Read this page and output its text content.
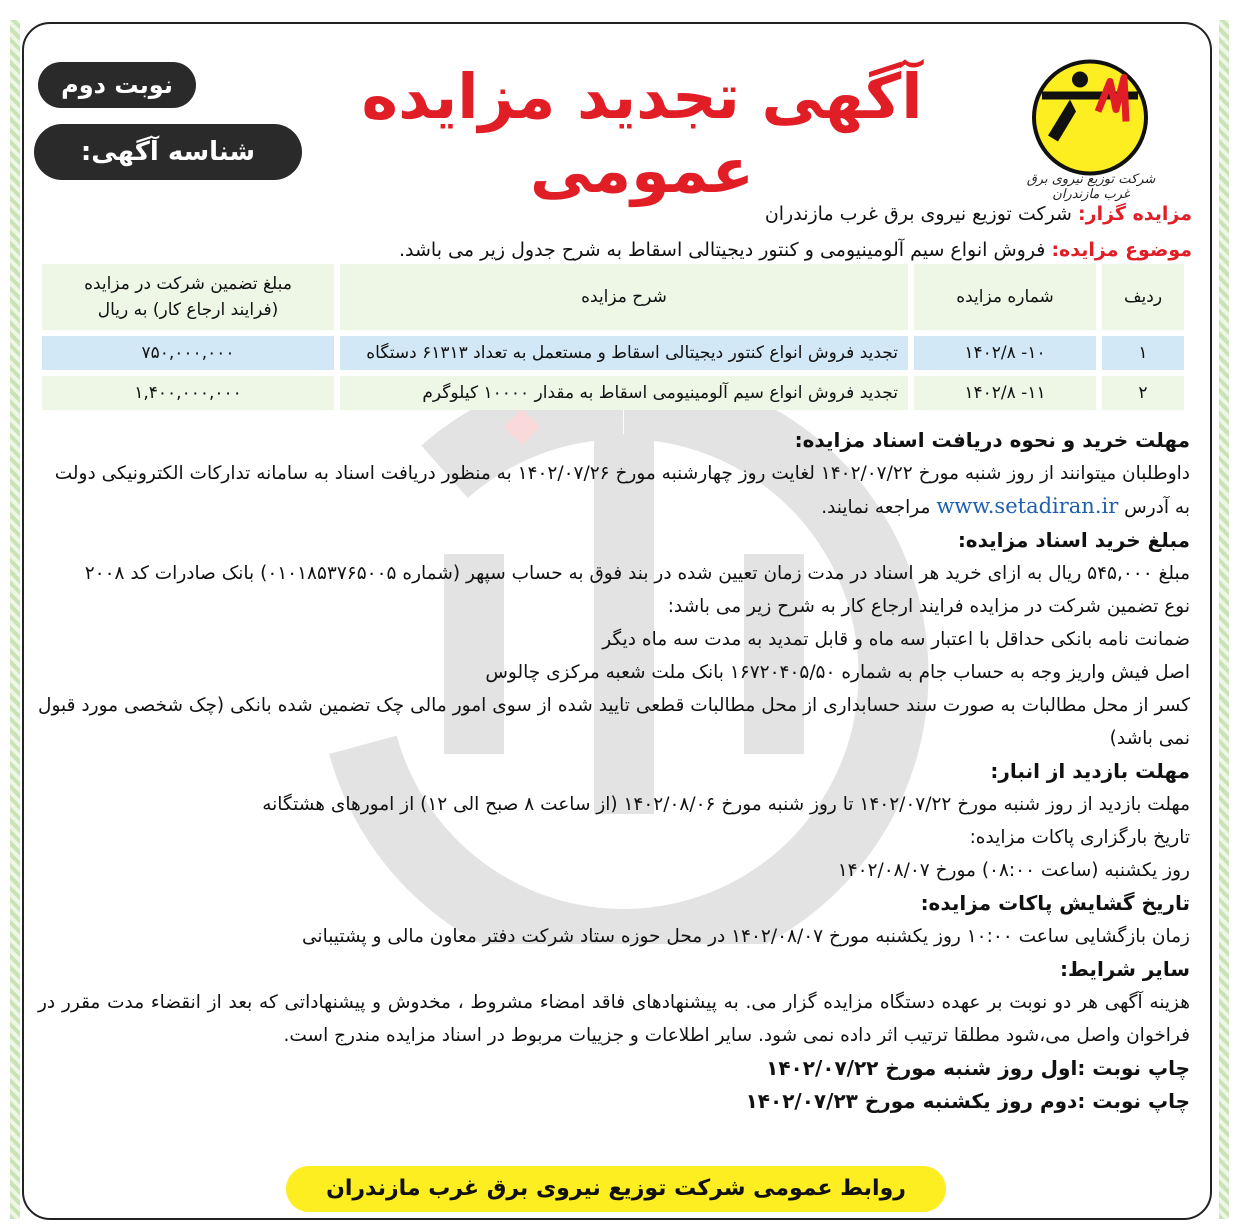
شرکت توزیع نیروی برق غرب مازندران
آگهی تجدید مزایده عمومی
نوبت دوم
شناسه آگهی: ۱۵۸۴۲۵۱	مزایده گزار: شرکت توزیع نیروی برق غرب مازندران
موضوع مزایده: فروش انواع سیم آلومینیومی و کنتور دیجیتالی اسقاط به شرح جدول زیر می باشد.
ردیف	شماره مزایده	شرح مزایده	مبلغ تضمین شرکت در مزایده
(فرایند ارجاع کار) به ریال

۱	۱۰- ۱۴۰۲/۸	تجدید فروش انواع کنتور دیجیتالی اسقاط و مستعمل به تعداد ۶۱۳۱۳ دستگاه	۷۵۰,۰۰۰,۰۰۰
۲	۱۱- ۱۴۰۲/۸	تجدید فروش انواع سیم آلومینیومی اسقاط به مقدار ۱۰۰۰۰ کیلوگرم	۱,۴۰۰,۰۰۰,۰۰۰

مهلت خرید و نحوه دریافت اسناد مزایده:

داوطلبان میتوانند از روز شنبه مورخ ۱۴۰۲/۰۷/۲۲ لغایت روز چهارشنبه مورخ ۱۴۰۲/۰۷/۲۶ به منظور دریافت اسناد به سامانه تدارکات الکترونیکی دولت

به آدرس www.setadiran.ir مراجعه نمایند.

مبلغ خرید اسناد مزایده:

مبلغ ۵۴۵,۰۰۰ ریال به ازای خرید هر اسناد در مدت زمان تعیین شده در بند فوق به حساب سپهر (شماره ۰۱۰۱۸۵۳۷۶۵۰۰۵) بانک صادرات کد ۲۰۰۸

نوع تضمین شرکت در مزایده فرایند ارجاع کار به شرح زیر می باشد:

ضمانت نامه بانکی حداقل با اعتبار سه ماه و قابل تمدید به مدت سه ماه دیگر

اصل فیش واریز وجه به حساب جام به شماره ۱۶۷۲۰۴۰۵/۵۰ بانک ملت شعبه مرکزی چالوس

کسر از محل مطالبات به صورت سند حسابداری از محل مطالبات قطعی تایید شده از سوی امور مالی چک تضمین شده بانکی (چک شخصی مورد قبول نمی باشد)

مهلت بازدید از انبار:

مهلت بازدید از روز شنبه مورخ ۱۴۰۲/۰۷/۲۲ تا روز شنبه مورخ ۱۴۰۲/۰۸/۰۶ (از ساعت ۸ صبح الی ۱۲) از امورهای هشتگانه

تاریخ بارگزاری پاکات مزایده:

روز یکشنبه (ساعت ۰۸:۰۰) مورخ ۱۴۰۲/۰۸/۰۷

تاریخ گشایش پاکات مزایده:

زمان بازگشایی ساعت ۱۰:۰۰ روز یکشنبه مورخ ۱۴۰۲/۰۸/۰۷ در محل حوزه ستاد شرکت دفتر معاون مالی و پشتیبانی

سایر شرایط:

هزینه آگهی هر دو نوبت بر عهده دستگاه مزایده گزار می. به پیشنهادهای فاقد امضاء مشروط ، مخدوش و پیشنهاداتی که بعد از انقضاء مدت مقرر در فراخوان واصل می،شود مطلقا ترتیب اثر داده نمی شود. سایر اطلاعات و جزییات مربوط در اسناد مزایده مندرج است.

چاپ نوبت :اول روز شنبه مورخ ۱۴۰۲/۰۷/۲۲

چاپ نوبت :دوم روز یکشنبه مورخ ۱۴۰۲/۰۷/۲۳

روابط عمومی شرکت توزیع نیروی برق غرب مازندران
